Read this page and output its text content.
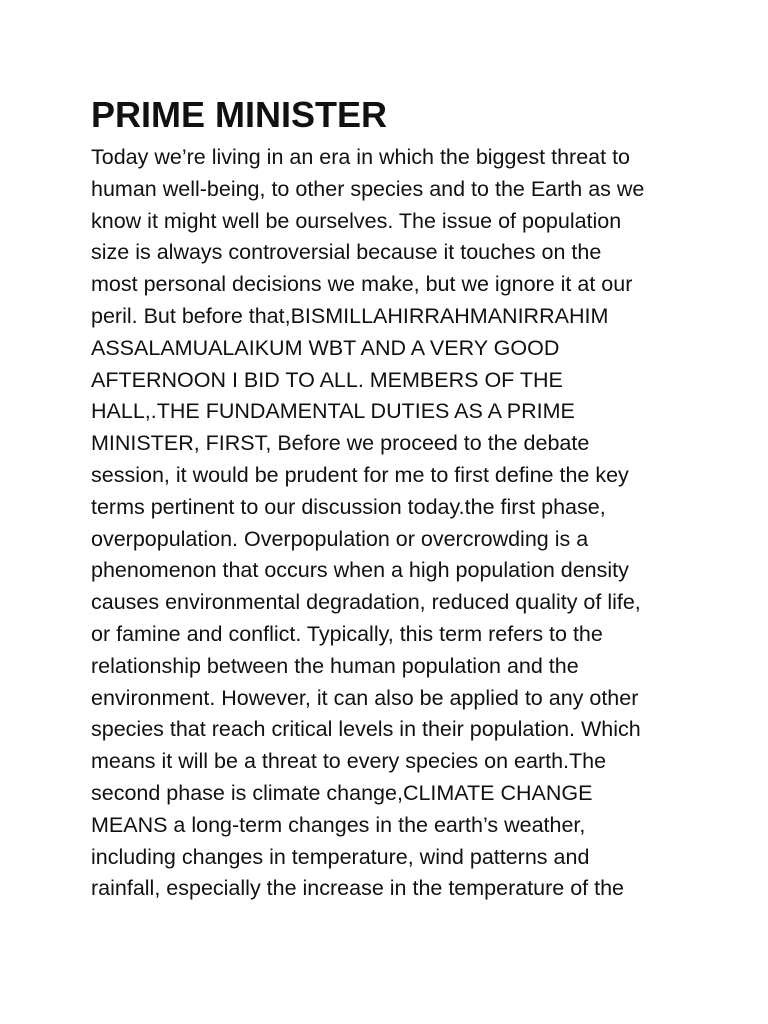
PRIME MINISTER
Today we’re living in an era in which the biggest threat to
human well-being, to other species and to the Earth as we
know it might well be ourselves. The issue of population
size is always controversial because it touches on the
most personal decisions we make, but we ignore it at our
peril. But before that,BISMILLAHIRRAHMANIRRAHIM
ASSALAMUALAIKUM WBT AND A VERY GOOD
AFTERNOON I BID TO ALL. MEMBERS OF THE
HALL,.THE FUNDAMENTAL DUTIES AS A PRIME
MINISTER, FIRST, Before we proceed to the debate
session, it would be prudent for me to first define the key
terms pertinent to our discussion today.the first phase,
overpopulation. Overpopulation or overcrowding is a
phenomenon that occurs when a high population density
causes environmental degradation, reduced quality of life,
or famine and conflict. Typically, this term refers to the
relationship between the human population and the
environment. However, it can also be applied to any other
species that reach critical levels in their population. Which
means it will be a threat to every species on earth.The
second phase is climate change,CLIMATE CHANGE
MEANS a long-term changes in the earth’s weather,
including changes in temperature, wind patterns and
rainfall, especially the increase in the temperature of the
